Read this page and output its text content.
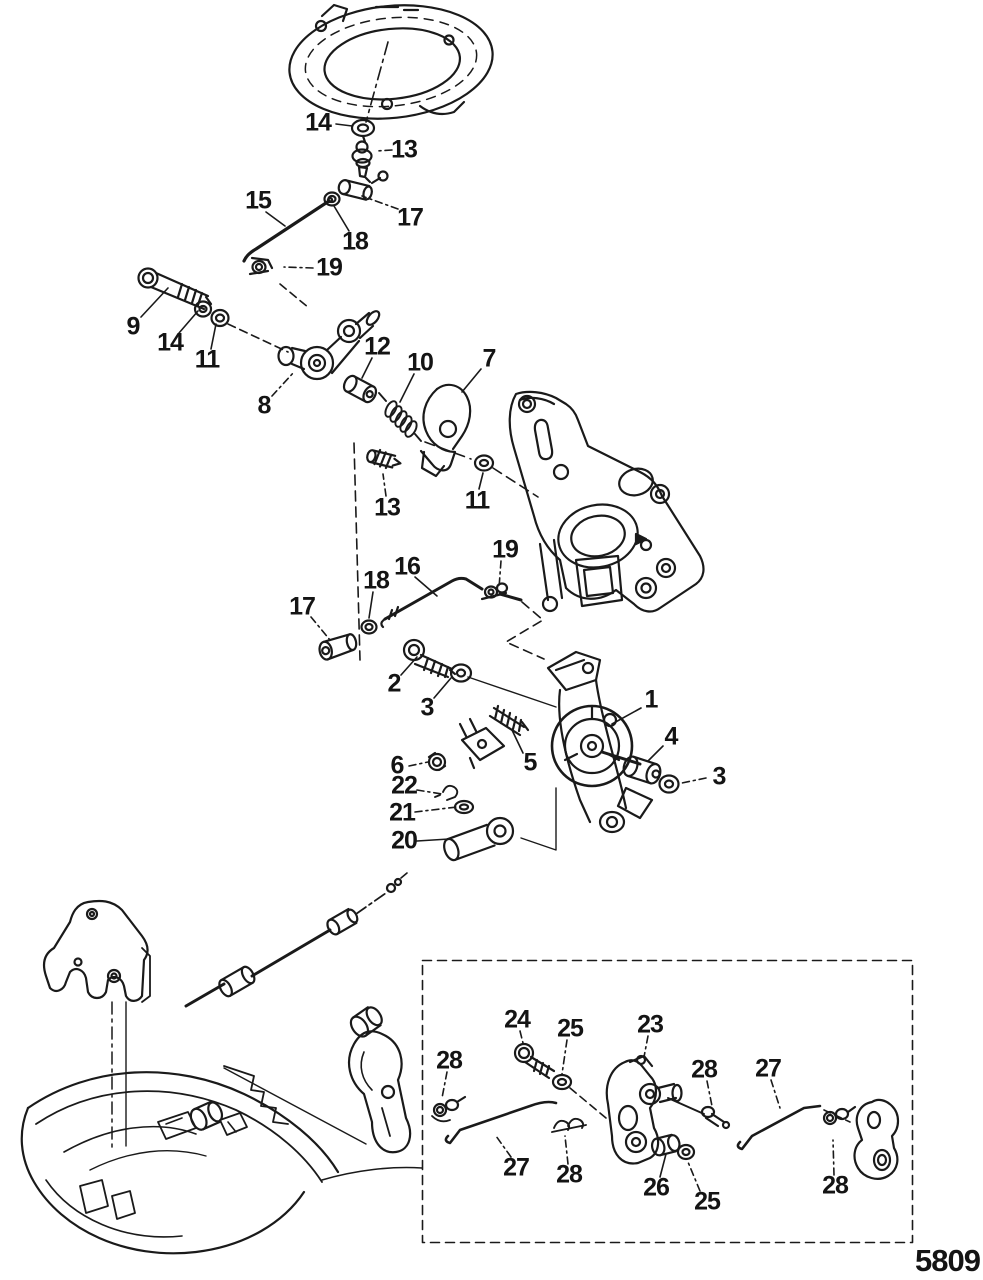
14
13
15
17
18
19
9
14
11
8
12
10 7
13	11
19
16
18
17
2
3	1
4
3
5
6
22
21
20
24 25 23
28	28 27
27 28 26 25
28
5809
